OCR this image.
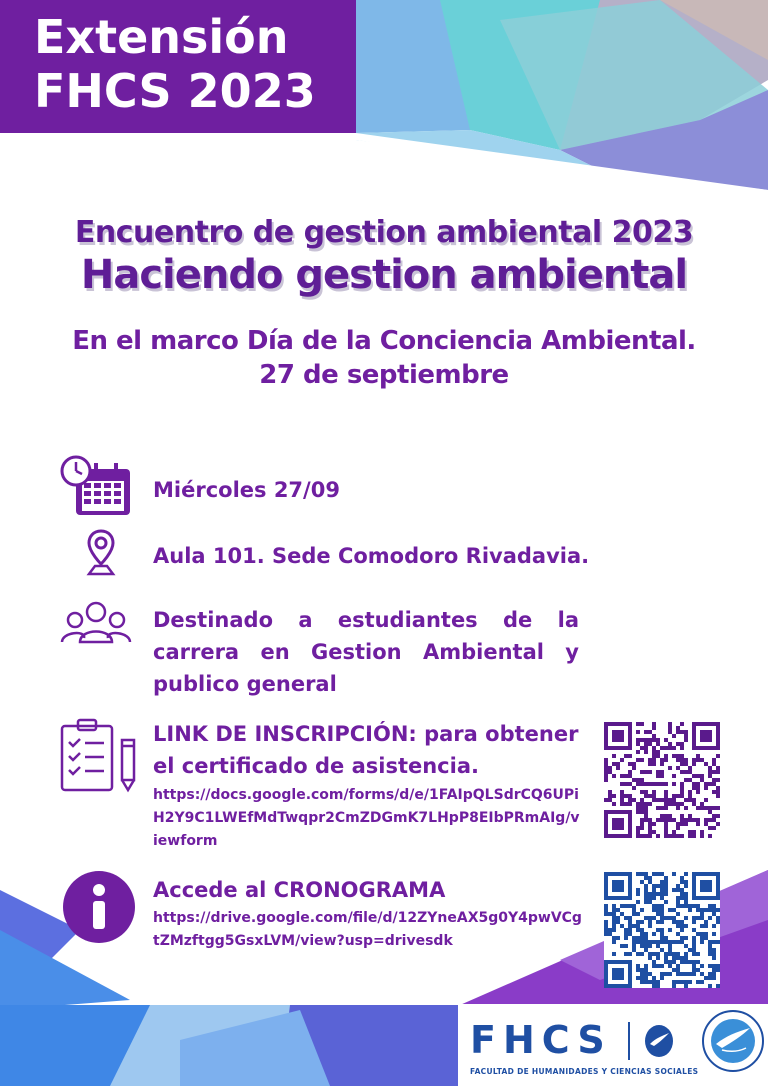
Extensión
FHCS 2023
Encuentro de gestion ambiental 2023
Haciendo gestion ambiental
En el marco Día de la Conciencia Ambiental.
27 de septiembre
Miércoles 27/09
Aula 101. Sede Comodoro Rivadavia.
Destinado a estudiantes de la carrera en Gestion Ambiental y publico general
LINK DE INSCRIPCIÓN: para obtener el certificado de asistencia.
https://docs.google.com/forms/d/e/1FAIpQLSdrCQ6UPiH2Y9C1LWEfMdTwqpr2CmZDGmK7LHpP8EIbPRmAIg/viewform
Accede al CRONOGRAMA
https://drive.google.com/file/d/12ZYneAX5g0Y4pwVCgtZMzftgg5GsxLVM/view?usp=drivesdk
FHCS
FACULTAD DE HUMANIDADES Y CIENCIAS SOCIALES
